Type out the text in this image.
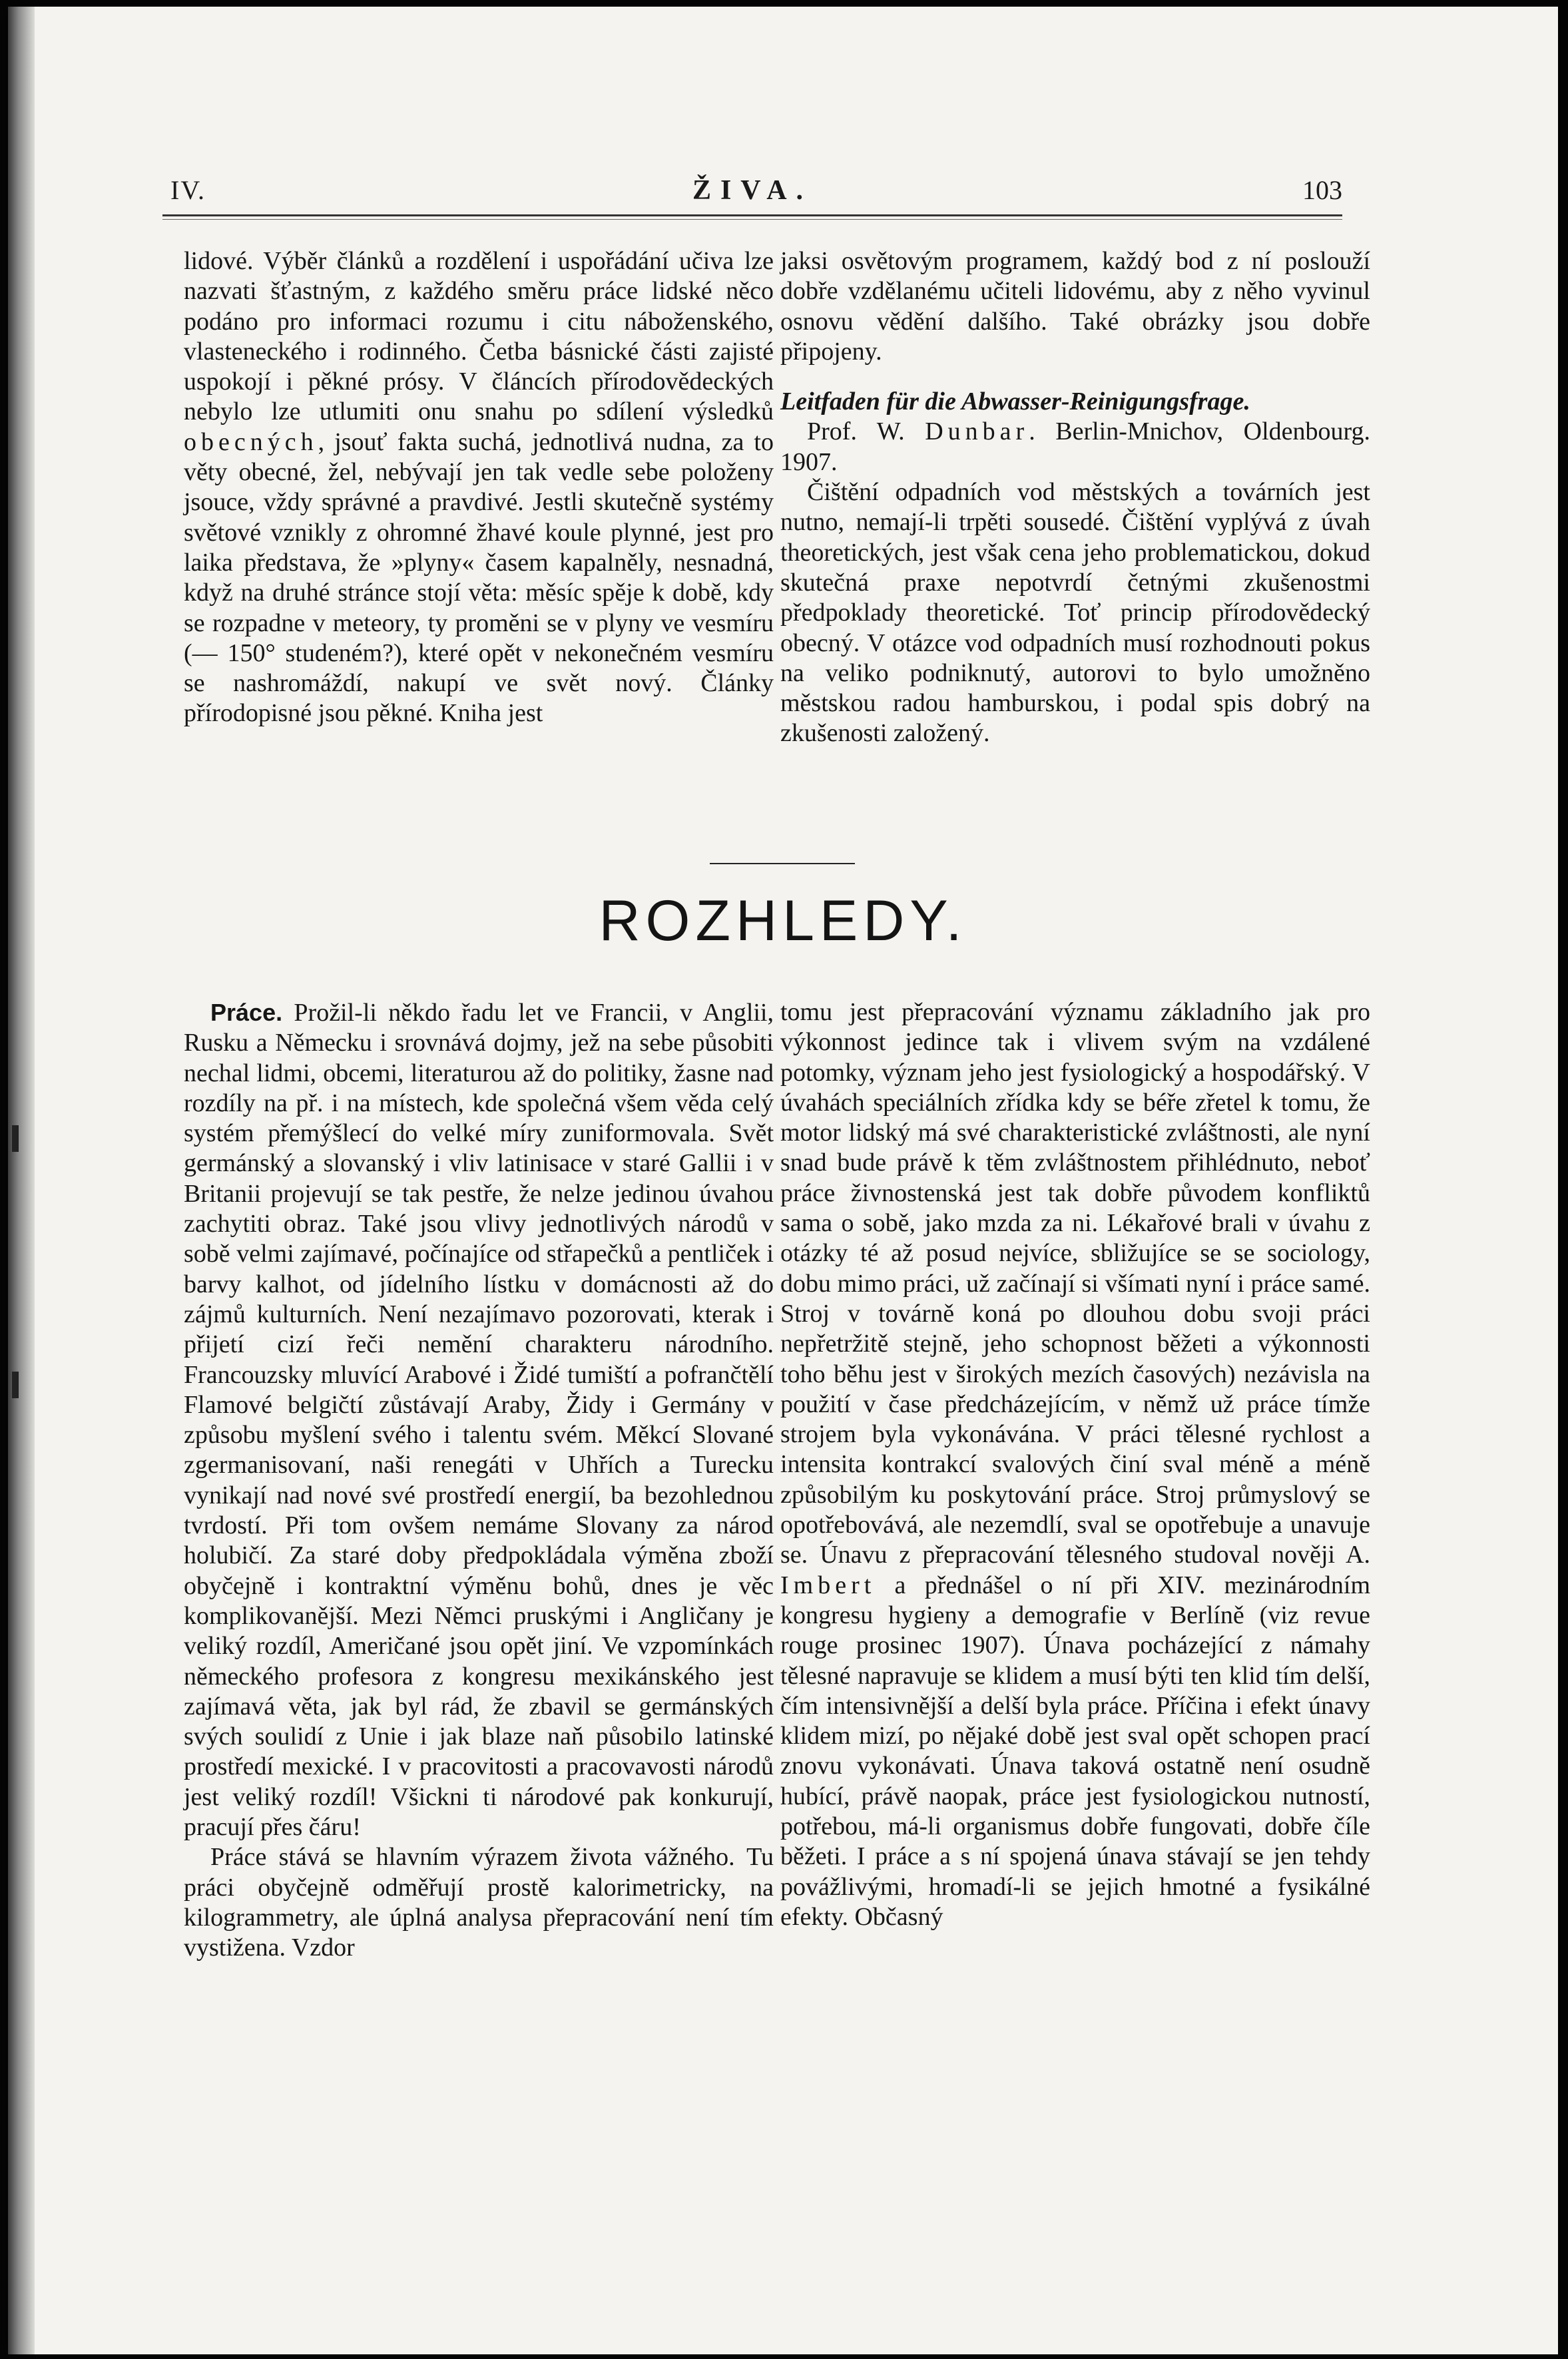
IV.	ŽIVA.	103

lidové. Výběr článků a rozdělení i uspořádání učiva lze nazvati šťastným, z každého směru práce lidské něco podáno pro informaci rozumu i citu náboženského, vlasteneckého i rodinného. Četba básnické části zajisté uspokojí i pěkné prósy. V článcích přírodovědeckých nebylo lze utlumiti onu snahu po sdílení výsledků obecných, jsouť fakta suchá, jednotlivá nudna, za to věty obecné, žel, nebývají jen tak vedle sebe položeny jsouce, vždy správné a pravdivé. Jestli skutečně systémy světové vznikly z ohromné žhavé koule plynné, jest pro laika představa, že »plyny« časem kapalněly, nesnadná, když na druhé stránce stojí věta: měsíc spěje k době, kdy se rozpadne v meteory, ty proměni se v plyny ve vesmíru (— 150° studeném?), které opět v nekonečném vesmíru se nashromáždí, nakupí ve svět nový. Články přírodopisné jsou pěkné. Kniha jest

jaksi osvětovým programem, každý bod z ní poslouží dobře vzdělanému učiteli lidovému, aby z něho vyvinul osnovu vědění dalšího. Také obrázky jsou dobře připojeny.

Leitfaden für die Abwasser-Reinigungsfrage.

Prof. W. Dunbar. Berlin-Mnichov, Oldenbourg. 1907.

Čištění odpadních vod městských a továrních jest nutno, nemají-li trpěti sousedé. Čištění vyplývá z úvah theoretických, jest však cena jeho problematickou, dokud skutečná praxe nepotvrdí četnými zkušenostmi předpoklady theoretické. Toť princip přírodovědecký obecný. V otázce vod odpadních musí rozhodnouti pokus na veliko podniknutý, autorovi to bylo umožněno městskou radou hamburskou, i podal spis dobrý na zkušenosti založený.

ROZHLEDY.

Práce. Prožil-li někdo řadu let ve Francii, v Anglii, Rusku a Německu i srovnává dojmy, jež na sebe působiti nechal lidmi, obcemi, literaturou až do politiky, žasne nad rozdíly na př. i na místech, kde společná všem věda celý systém přemýšlecí do velké míry zuniformovala. Svět germánský a slovanský i vliv latinisace v staré Gallii i v Britanii projevují se tak pestře, že nelze jedinou úvahou zachytiti obraz. Také jsou vlivy jednotlivých národů v sobě velmi zajímavé, počínajíce od střapečků a pentliček i barvy kalhot, od jídelního lístku v domácnosti až do zájmů kulturních. Není nezajímavo pozorovati, kterak i přijetí cizí řeči nemění charakteru národního. Francouzsky mluvící Arabové i Židé tumiští a pofrančtělí Flamové belgičtí zůstávají Araby, Židy i Germány v způsobu myšlení svého i talentu svém. Měkcí Slované zgermanisovaní, naši renegáti v Uhřích a Turecku vynikají nad nové své prostředí energií, ba bezohlednou tvrdostí. Při tom ovšem nemáme Slovany za národ holubičí. Za staré doby předpokládala výměna zboží obyčejně i kontraktní výměnu bohů, dnes je věc komplikovanější. Mezi Němci pruskými i Angličany je veliký rozdíl, Američané jsou opět jiní. Ve vzpomínkách německého profesora z kongresu mexikánského jest zajímavá věta, jak byl rád, že zbavil se germánských svých soulidí z Unie i jak blaze naň působilo latinské prostředí mexické. I v pracovitosti a pracovavosti národů jest veliký rozdíl! Všickni ti národové pak konkurují, pracují přes čáru!

Práce stává se hlavním výrazem života vážného. Tu práci obyčejně odměřují prostě kalorimetricky, na kilogrammetry, ale úplná analysa přepracování není tím vystižena. Vzdor

tomu jest přepracování významu základního jak pro výkonnost jedince tak i vlivem svým na vzdálené potomky, význam jeho jest fysiologický a hospodářský. V úvahách speciálních zřídka kdy se béře zřetel k tomu, že motor lidský má své charakteristické zvláštnosti, ale nyní snad bude právě k těm zvláštnostem přihlédnuto, neboť práce živnostenská jest tak dobře původem konfliktů sama o sobě, jako mzda za ni. Lékařové brali v úvahu z otázky té až posud nejvíce, sbližujíce se se sociology, dobu mimo práci, už začínají si všímati nyní i práce samé. Stroj v továrně koná po dlouhou dobu svoji práci nepřetržitě stejně, jeho schopnost běžeti a výkonnosti toho běhu jest v širokých mezích časových) nezávisla na použití v čase předcházejícím, v němž už práce tímže strojem byla vykonávána. V práci tělesné rychlost a intensita kontrakcí svalových činí sval méně a méně způsobilým ku poskytování práce. Stroj průmyslový se opotřebovává, ale nezemdlí, sval se opotřebuje a unavuje se. Únavu z přepracování tělesného studoval nověji A. Imbert a přednášel o ní při XIV. mezinárodním kongresu hygieny a demografie v Berlíně (viz revue rouge prosinec 1907). Únava pocházející z námahy tělesné napravuje se klidem a musí býti ten klid tím delší, čím intensivnější a delší byla práce. Příčina i efekt únavy klidem mizí, po nějaké době jest sval opět schopen prací znovu vykonávati. Únava taková ostatně není osudně hubící, právě naopak, práce jest fysiologickou nutností, potřebou, má-li organismus dobře fungovati, dobře číle běžeti. I práce a s ní spojená únava stávají se jen tehdy povážlivými, hromadí-li se jejich hmotné a fysikálné efekty. Občasný
